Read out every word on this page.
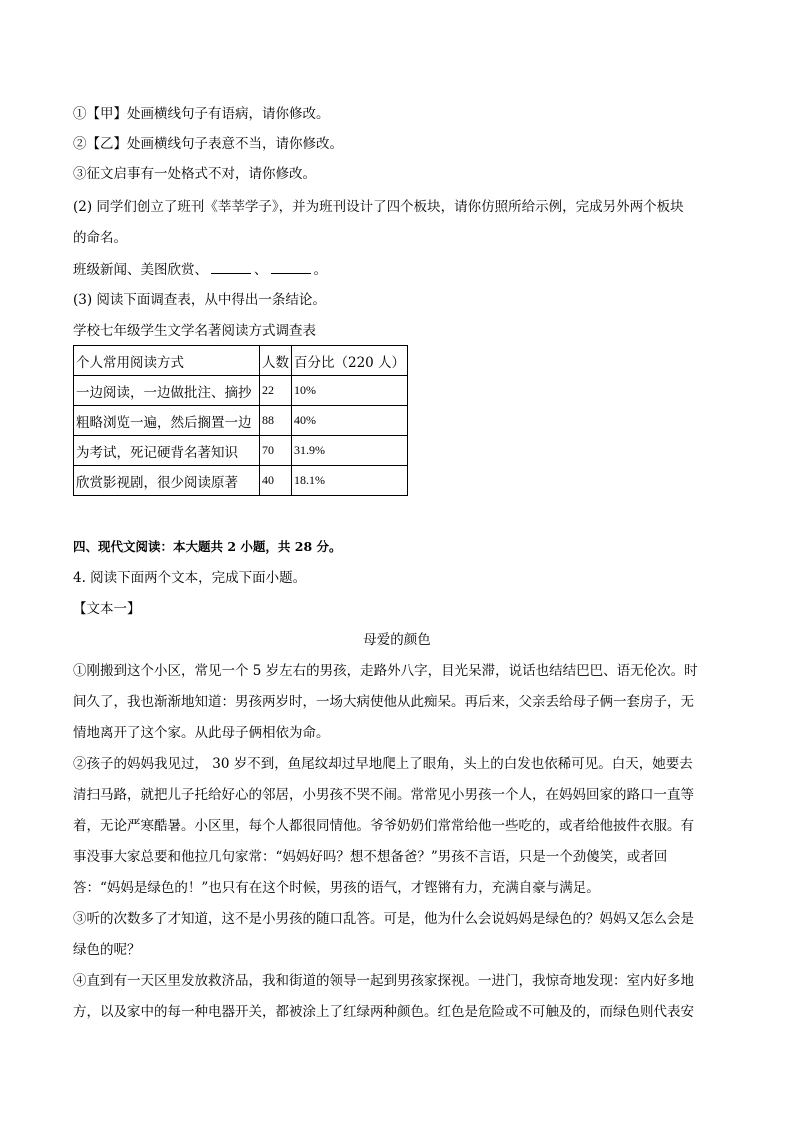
①【甲】处画横线句子有语病，请你修改。
②【乙】处画横线句子表意不当，请你修改。
③征文启事有一处格式不对，请你修改。
(2) 同学们创立了班刊《莘莘学子》，并为班刊设计了四个板块，请你仿照所给示例，完成另外两个板块
的命名。
班级新闻、美图欣赏、	、	。
(3) 阅读下面调查表，从中得出一条结论。
学校七年级学生文学名著阅读方式调查表
个人常用阅读方式	人数	百分比（220 人）
一边阅读，一边做批注、摘抄	22	10%
粗略浏览一遍，然后搁置一边	88	40%
为考试，死记硬背名著知识	70	31.9%
欣赏影视剧，很少阅读原著	40	18.1%
四、现代文阅读：本大题共 2 小题，共 28 分。
4. 阅读下面两个文本，完成下面小题。
【文本一】
母爱的颜色
①刚搬到这个小区，常见一个 5 岁左右的男孩，走路外八字，目光呆滞，说话也结结巴巴、语无伦次。时
间久了，我也渐渐地知道：男孩两岁时，一场大病使他从此痴呆。再后来，父亲丢给母子俩一套房子，无
情地离开了这个家。从此母子俩相依为命。
②孩子的妈妈我见过， 30 岁不到，鱼尾纹却过早地爬上了眼角，头上的白发也依稀可见。白天，她要去
清扫马路，就把儿子托给好心的邻居，小男孩不哭不闹。常常见小男孩一个人，在妈妈回家的路口一直等
着，无论严寒酷暑。小区里，每个人都很同情他。爷爷奶奶们常常给他一些吃的，或者给他披件衣服。有
事没事大家总要和他拉几句家常：“妈妈好吗？想不想备爸？”男孩不言语，只是一个劲傻笑，或者回
答：“妈妈是绿色的！”也只有在这个时候，男孩的语气，才铿锵有力，充满自豪与满足。
③听的次数多了才知道，这不是小男孩的随口乱答。可是，他为什么会说妈妈是绿色的？妈妈又怎么会是
绿色的呢？
④直到有一天区里发放救济品，我和街道的领导一起到男孩家探视。一进门，我惊奇地发现：室内好多地
方，以及家中的每一种电器开关，都被涂上了红绿两种颜色。红色是危险或不可触及的，而绿色则代表安
